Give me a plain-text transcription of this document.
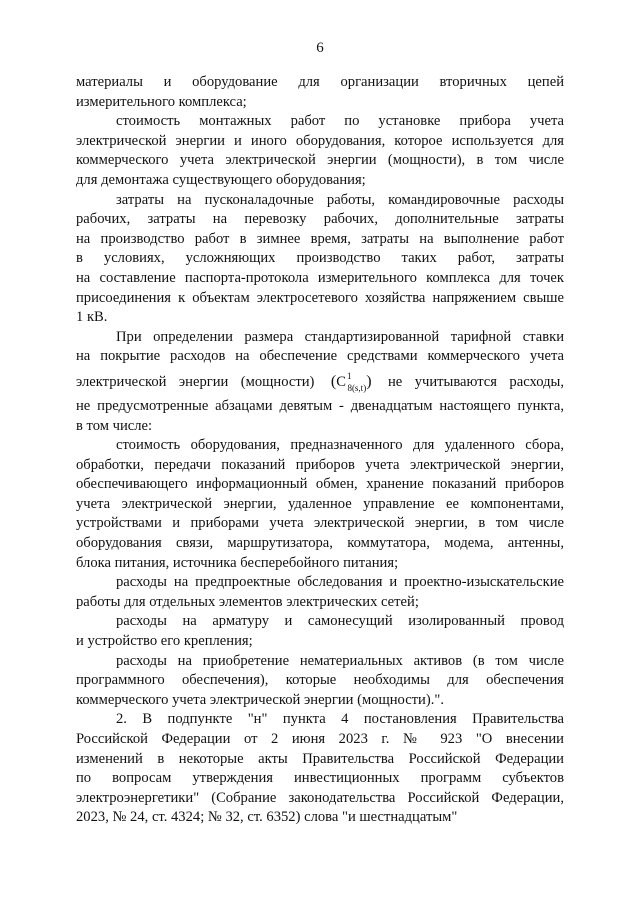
6
материалы и оборудование для организации вторичных цепей
измерительного комплекса;
стоимость монтажных работ по установке прибора учета
электрической энергии и иного оборудования, которое используется для
коммерческого учета электрической энергии (мощности), в том числе
для демонтажа существующего оборудования;
затраты на пусконаладочные работы, командировочные расходы
рабочих, затраты на перевозку рабочих, дополнительные затраты
на производство работ в зимнее время, затраты на выполнение работ
в условиях, усложняющих производство таких работ, затраты
на составление паспорта-протокола измерительного комплекса для точек
присоединения к объектам электросетевого хозяйства напряжением свыше
1 кВ.
При определении размера стандартизированной тарифной ставки
на покрытие расходов на обеспечение средствами коммерческого учета
электрической энергии (мощности) $(C^1_{8(s,t)})$ не учитываются расходы,
не предусмотренные абзацами девятым - двенадцатым настоящего пункта,
в том числе:
стоимость оборудования, предназначенного для удаленного сбора,
обработки, передачи показаний приборов учета электрической энергии,
обеспечивающего информационный обмен, хранение показаний приборов
учета электрической энергии, удаленное управление ее компонентами,
устройствами и приборами учета электрической энергии, в том числе
оборудования связи, маршрутизатора, коммутатора, модема, антенны,
блока питания, источника бесперебойного питания;
расходы на предпроектные обследования и проектно-изыскательские
работы для отдельных элементов электрических сетей;
расходы на арматуру и самонесущий изолированный провод
и устройство его крепления;
расходы на приобретение нематериальных активов (в том числе
программного обеспечения), которые необходимы для обеспечения
коммерческого учета электрической энергии (мощности).".
2. В подпункте "н" пункта 4 постановления Правительства
Российской Федерации от 2 июня 2023 г. № 923 "О внесении
изменений в некоторые акты Правительства Российской Федерации
по вопросам утверждения инвестиционных программ субъектов
электроэнергетики" (Собрание законодательства Российской Федерации,
2023, № 24, ст. 4324; № 32, ст. 6352) слова "и шестнадцатым"
